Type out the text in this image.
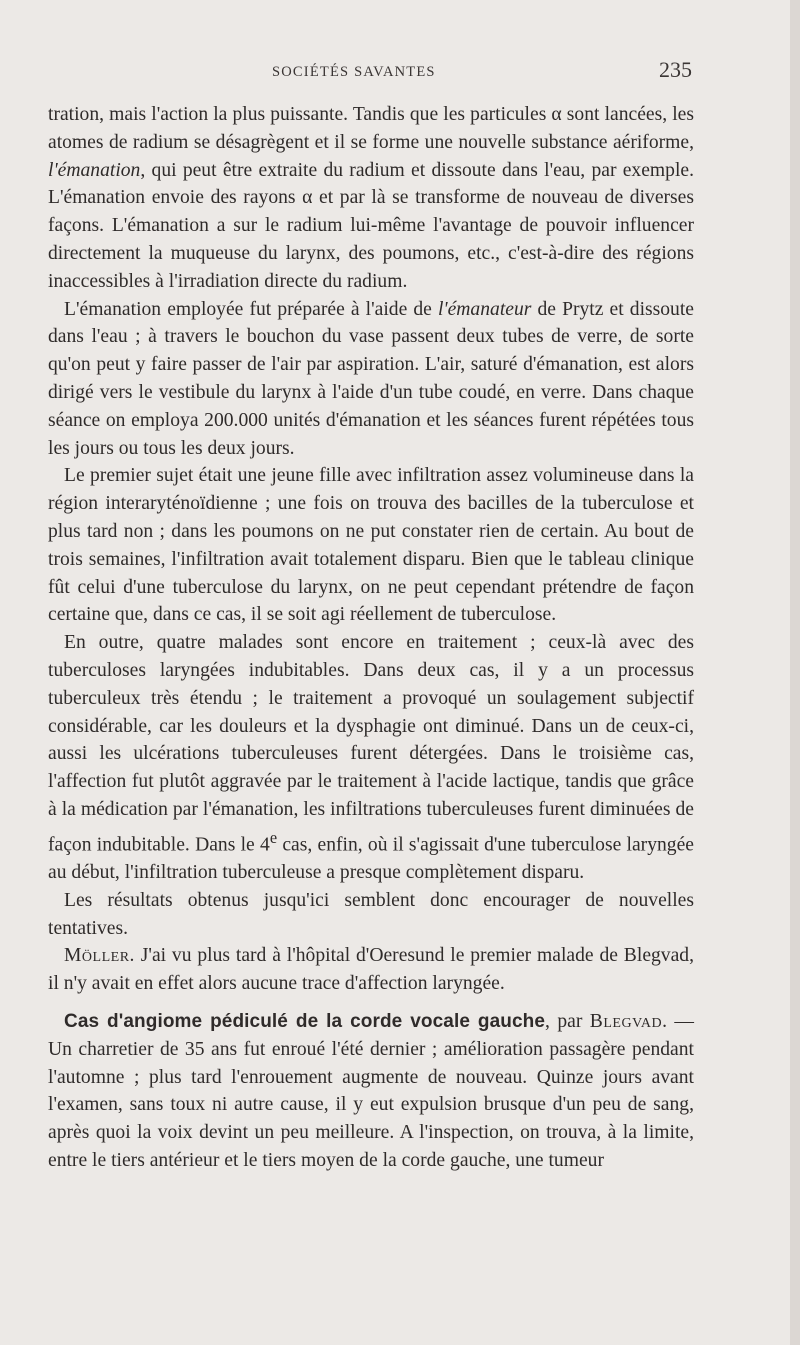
SOCIÉTÉS SAVANTES	235

tration, mais l'action la plus puissante. Tandis que les particules α sont lancées, les atomes de radium se désagrègent et il se forme une nouvelle substance aériforme, l'émanation, qui peut être extraite du radium et dissoute dans l'eau, par exemple. L'émanation envoie des rayons α et par là se transforme de nouveau de diverses façons. L'émanation a sur le radium lui-même l'avantage de pouvoir influencer directement la muqueuse du larynx, des poumons, etc., c'est-à-dire des régions inaccessibles à l'irradiation directe du radium.

L'émanation employée fut préparée à l'aide de l'émanateur de Prytz et dissoute dans l'eau ; à travers le bouchon du vase passent deux tubes de verre, de sorte qu'on peut y faire passer de l'air par aspiration. L'air, saturé d'émanation, est alors dirigé vers le vestibule du larynx à l'aide d'un tube coudé, en verre. Dans chaque séance on employa 200.000 unités d'émanation et les séances furent répétées tous les jours ou tous les deux jours.

Le premier sujet était une jeune fille avec infiltration assez volumineuse dans la région interaryténoïdienne ; une fois on trouva des bacilles de la tuberculose et plus tard non ; dans les poumons on ne put constater rien de certain. Au bout de trois semaines, l'infiltration avait totalement disparu. Bien que le tableau clinique fût celui d'une tuberculose du larynx, on ne peut cependant prétendre de façon certaine que, dans ce cas, il se soit agi réellement de tuberculose.

En outre, quatre malades sont encore en traitement ; ceux-là avec des tuberculoses laryngées indubitables. Dans deux cas, il y a un processus tuberculeux très étendu ; le traitement a provoqué un soulagement subjectif considérable, car les douleurs et la dysphagie ont diminué. Dans un de ceux-ci, aussi les ulcérations tuberculeuses furent détergées. Dans le troisième cas, l'affection fut plutôt aggravée par le traitement à l'acide lactique, tandis que grâce à la médication par l'émanation, les infiltrations tuberculeuses furent diminuées de façon indubitable. Dans le 4e cas, enfin, où il s'agissait d'une tuberculose laryngée au début, l'infiltration tuberculeuse a presque complètement disparu.

Les résultats obtenus jusqu'ici semblent donc encourager de nouvelles tentatives.

Möller. J'ai vu plus tard à l'hôpital d'Oeresund le premier malade de Blegvad, il n'y avait en effet alors aucune trace d'affection laryngée.

Cas d'angiome pédiculé de la corde vocale gauche, par Blegvad. — Un charretier de 35 ans fut enroué l'été dernier ; amélioration passagère pendant l'automne ; plus tard l'enrouement augmente de nouveau. Quinze jours avant l'examen, sans toux ni autre cause, il y eut expulsion brusque d'un peu de sang, après quoi la voix devint un peu meilleure. A l'inspection, on trouva, à la limite, entre le tiers antérieur et le tiers moyen de la corde gauche, une tumeur
